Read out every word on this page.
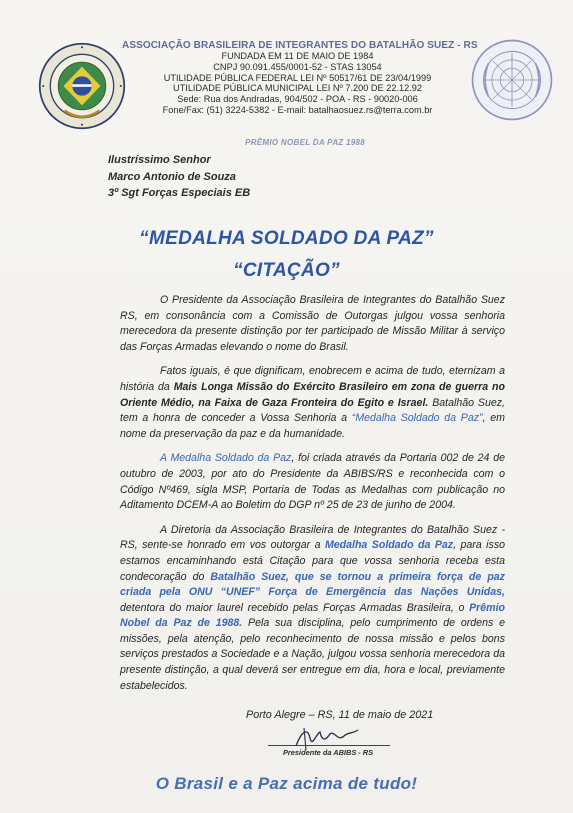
ASSOCIAÇÃO BRASILEIRA DE INTEGRANTES DO BATALHÃO SUEZ - RS
FUNDADA EM 11 DE MAIO DE 1984
CNPJ 90.091.455/0001-52 - STAS 13054
UTILIDADE PÚBLICA FEDERAL LEI Nº 50517/61 DE 23/04/1999
UTILIDADE PÚBLICA MUNICIPAL LEI Nº 7.200 DE 22.12.92
Sede: Rua dos Andradas, 904/502 - POA - RS - 90020-006
Fone/Fax: (51) 3224-5382 - E-mail: batalhaosuez.rs@terra.com.br
PRÊMIO NOBEL DA PAZ 1988
Ilustríssimo Senhor
Marco Antonio de Souza
3º Sgt Forças Especiais EB
“MEDALHA SOLDADO DA PAZ”
“CITAÇÃO”

O Presidente da Associação Brasileira de Integrantes do Batalhão Suez RS, em consonância com a Comissão de Outorgas julgou vossa senhoria merecedora da presente distinção por ter participado de Missão Militar à serviço das Forças Armadas elevando o nome do Brasil.

Fatos iguais, é que dignificam, enobrecem e acima de tudo, eternizam a história da Mais Longa Missão do Exército Brasileiro em zona de guerra no Oriente Médio, na Faixa de Gaza Fronteira do Egito e Israel. Batalhão Suez, tem a honra de conceder a Vossa Senhoria a “Medalha Soldado da Paz”, em nome da preservação da paz e da humanidade.

A Medalha Soldado da Paz, foi criada através da Portaria 002 de 24 de outubro de 2003, por ato do Presidente da ABIBS/RS e reconhecida com o Código Nº469, sigla MSP, Portaria de Todas as Medalhas com publicação no Aditamento DCEM-A ao Boletim do DGP nº 25 de 23 de junho de 2004.

A Diretoria da Associação Brasileira de Integrantes do Batalhão Suez - RS, sente-se honrado em vos outorgar a Medalha Soldado da Paz, para isso estamos encaminhando está Citação para que vossa senhoria receba esta condecoração do Batalhão Suez, que se tornou a primeira força de paz criada pela ONU “UNEF” Força de Emergência das Nações Unidas, detentora do maior laurel recebido pelas Forças Armadas Brasileira, o Prêmio Nobel da Paz de 1988. Pela sua disciplina, pelo cumprimento de ordens e missões, pela atenção, pelo reconhecimento de nossa missão e pelos bons serviços prestados a Sociedade e a Nação, julgou vossa senhoria merecedora da presente distinção, a qual deverá ser entregue em dia, hora e local, previamente estabelecidos.

Porto Alegre – RS, 11 de maio de 2021
Presidente da ABIBS - RS
O Brasil e a Paz acima de tudo!
